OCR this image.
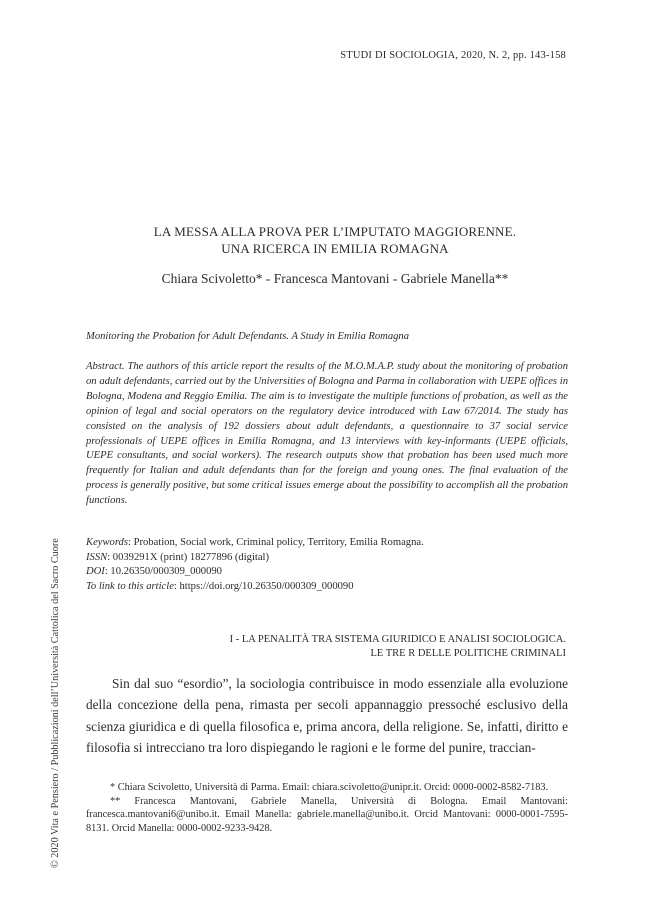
STUDI DI SOCIOLOGIA, 2020, N. 2, pp. 143-158
LA MESSA ALLA PROVA PER L’IMPUTATO MAGGIORENNE.
UNA RICERCA IN EMILIA ROMAGNA
Chiara Scivoletto* - Francesca Mantovani - Gabriele Manella**
Monitoring the Probation for Adult Defendants. A Study in Emilia Romagna
Abstract. The authors of this article report the results of the M.O.M.A.P. study about the monitoring of probation on adult defendants, carried out by the Universities of Bologna and Parma in collaboration with UEPE offices in Bologna, Modena and Reggio Emilia. The aim is to investigate the multiple functions of probation, as well as the opinion of legal and social operators on the regulatory device introduced with Law 67/2014. The study has consisted on the analysis of 192 dossiers about adult defendants, a questionnaire to 37 social service professionals of UEPE offices in Emilia Romagna, and 13 interviews with key-informants (UEPE officials, UEPE consultants, and social workers). The research outputs show that probation has been used much more frequently for Italian and adult defendants than for the foreign and young ones. The final evaluation of the process is generally positive, but some critical issues emerge about the possibility to accomplish all the probation functions.
Keywords: Probation, Social work, Criminal policy, Territory, Emilia Romagna.
ISSN: 0039291X (print) 18277896 (digital)
DOI: 10.26350/000309_000090
To link to this article: https://doi.org/10.26350/000309_000090
I - LA PENALITÀ TRA SISTEMA GIURIDICO E ANALISI SOCIOLOGICA.
LE TRE R DELLE POLITICHE CRIMINALI
Sin dal suo “esordio”, la sociologia contribuisce in modo essenziale alla evoluzione della concezione della pena, rimasta per secoli appannaggio pressoché esclusivo della scienza giuridica e di quella filosofica e, prima ancora, della religione. Se, infatti, diritto e filosofia si intrecciano tra loro dispiegando le ragioni e le forme del punire, traccian-

* Chiara Scivoletto, Università di Parma. Email: chiara.scivoletto@unipr.it. Orcid: 0000-0002-8582-7183.

** Francesca Mantovani, Gabriele Manella, Università di Bologna. Email Mantovani: francesca.mantovani6@unibo.it. Email Manella: gabriele.manella@unibo.it. Orcid Mantovani: 0000-0001-7595-8131. Orcid Manella: 0000-0002-9233-9428.

© 2020 Vita e Pensiero / Pubblicazioni dell’Università Cattolica del Sacro Cuore
